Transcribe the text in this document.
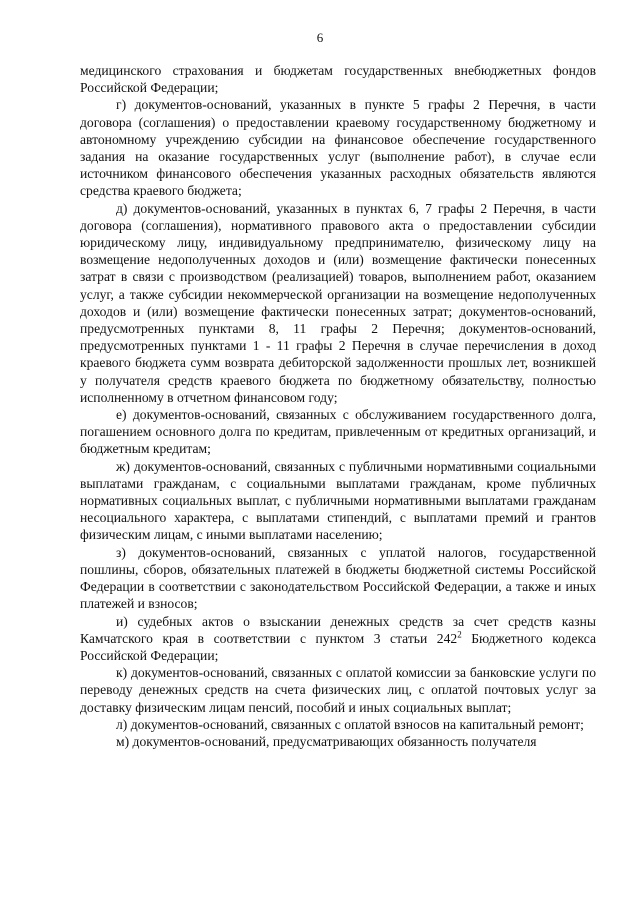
6

медицинского страхования и бюджетам государственных внебюджетных фондов Российской Федерации;

г) документов-оснований, указанных в пункте 5 графы 2 Перечня, в части договора (соглашения) о предоставлении краевому государственному бюджетному и автономному учреждению субсидии на финансовое обеспечение государственного задания на оказание государственных услуг (выполнение работ), в случае если источником финансового обеспечения указанных расходных обязательств являются средства краевого бюджета;

д) документов-оснований, указанных в пунктах 6, 7 графы 2 Перечня, в части договора (соглашения), нормативного правового акта о предоставлении субсидии юридическому лицу, индивидуальному предпринимателю, физическому лицу на возмещение недополученных доходов и (или) возмещение фактически понесенных затрат в связи с производством (реализацией) товаров, выполнением работ, оказанием услуг, а также субсидии некоммерческой организации на возмещение недополученных доходов и (или) возмещение фактически понесенных затрат; документов-оснований, предусмотренных пунктами 8, 11 графы 2 Перечня; документов-оснований, предусмотренных пунктами 1 - 11 графы 2 Перечня в случае перечисления в доход краевого бюджета сумм возврата дебиторской задолженности прошлых лет, возникшей у получателя средств краевого бюджета по бюджетному обязательству, полностью исполненному в отчетном финансовом году;

е) документов-оснований, связанных с обслуживанием государственного долга, погашением основного долга по кредитам, привлеченным от кредитных организаций, и бюджетным кредитам;

ж) документов-оснований, связанных с публичными нормативными социальными выплатами гражданам, с социальными выплатами гражданам, кроме публичных нормативных социальных выплат, с публичными нормативными выплатами гражданам несоциального характера, с выплатами стипендий, с выплатами премий и грантов физическим лицам, с иными выплатами населению;

з) документов-оснований, связанных с уплатой налогов, государственной пошлины, сборов, обязательных платежей в бюджеты бюджетной системы Российской Федерации в соответствии с законодательством Российской Федерации, а также и иных платежей и взносов;

и) судебных актов о взыскании денежных средств за счет средств казны Камчатского края в соответствии с пунктом 3 статьи $242^2$ Бюджетного кодекса Российской Федерации;

к) документов-оснований, связанных с оплатой комиссии за банковские услуги по переводу денежных средств на счета физических лиц, с оплатой почтовых услуг за доставку физическим лицам пенсий, пособий и иных социальных выплат;

л) документов-оснований, связанных с оплатой взносов на капитальный ремонт;

м) документов-оснований, предусматривающих обязанность получателя
